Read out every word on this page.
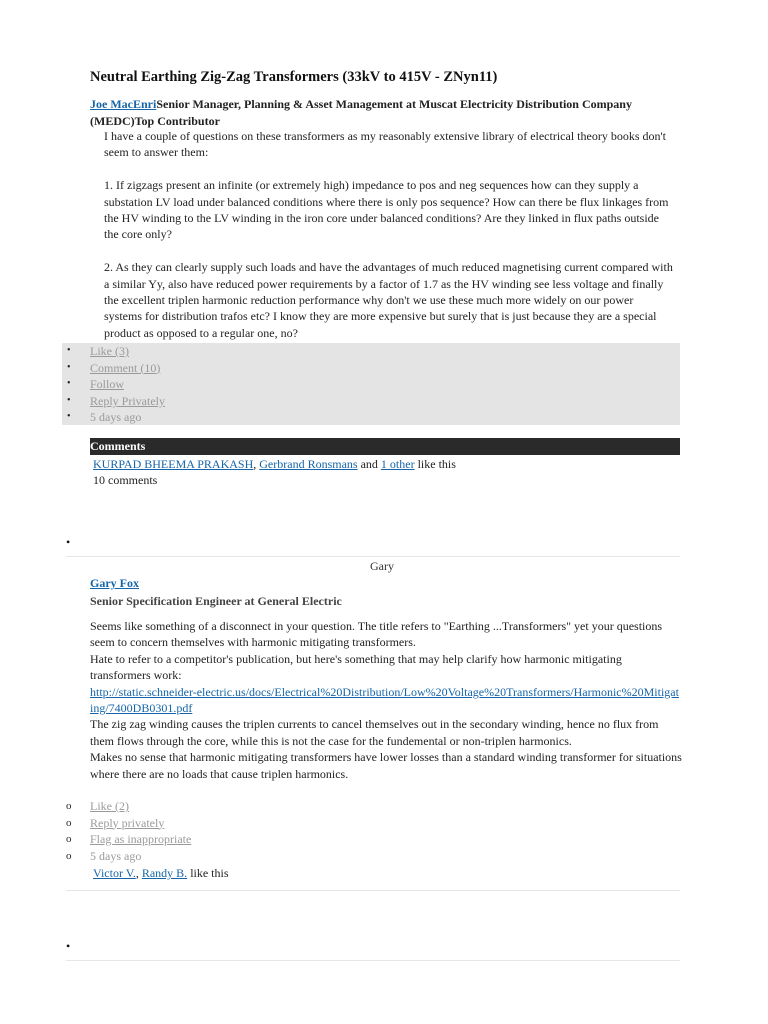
Neutral Earthing Zig-Zag Transformers (33kV to 415V - ZNyn11)
Joe MacEnriSenior Manager, Planning & Asset Management at Muscat Electricity Distribution Company (MEDC)Top Contributor

I have a couple of questions on these transformers as my reasonably extensive library of electrical theory books don't seem to answer them:

1. If zigzags present an infinite (or extremely high) impedance to pos and neg sequences how can they supply a substation LV load under balanced conditions where there is only pos sequence? How can there be flux linkages from the HV winding to the LV winding in the iron core under balanced conditions? Are they linked in flux paths outside the core only?

2. As they can clearly supply such loads and have the advantages of much reduced magnetising current compared with a similar Yy, also have reduced power requirements by a factor of 1.7 as the HV winding see less voltage and finally the excellent triplen harmonic reduction performance why don't we use these much more widely on our power systems for distribution trafos etc? I know they are more expensive but surely that is just because they are a special product as opposed to a regular one, no?

• Like (3)
• Comment (10)
• Follow
• Reply Privately
• 5 days ago
Comments
KURPAD BHEEMA PRAKASH, Gerbrand Ronsmans and 1 other like this
10 comments
•
Gary
Gary Fox
Senior Specification Engineer at General Electric

Seems like something of a disconnect in your question. The title refers to "Earthing ...Transformers" yet your questions seem to concern themselves with harmonic mitigating transformers.

Hate to refer to a competitor's publication, but here's something that may help clarify how harmonic mitigating transformers work:

http://static.schneider-electric.us/docs/Electrical%20Distribution/Low%20Voltage%20Transformers/Harmonic%20Mitigating/7400DB0301.pdf

The zig zag winding causes the triplen currents to cancel themselves out in the secondary winding, hence no flux from them flows through the core, while this is not the case for the fundemental or non-triplen harmonics.

Makes no sense that harmonic mitigating transformers have lower losses than a standard winding transformer for situations where there are no loads that cause triplen harmonics.

o Like (2)
o Reply privately
o Flag as inappropriate
o 5 days ago
Victor V., Randy B. like this
•
